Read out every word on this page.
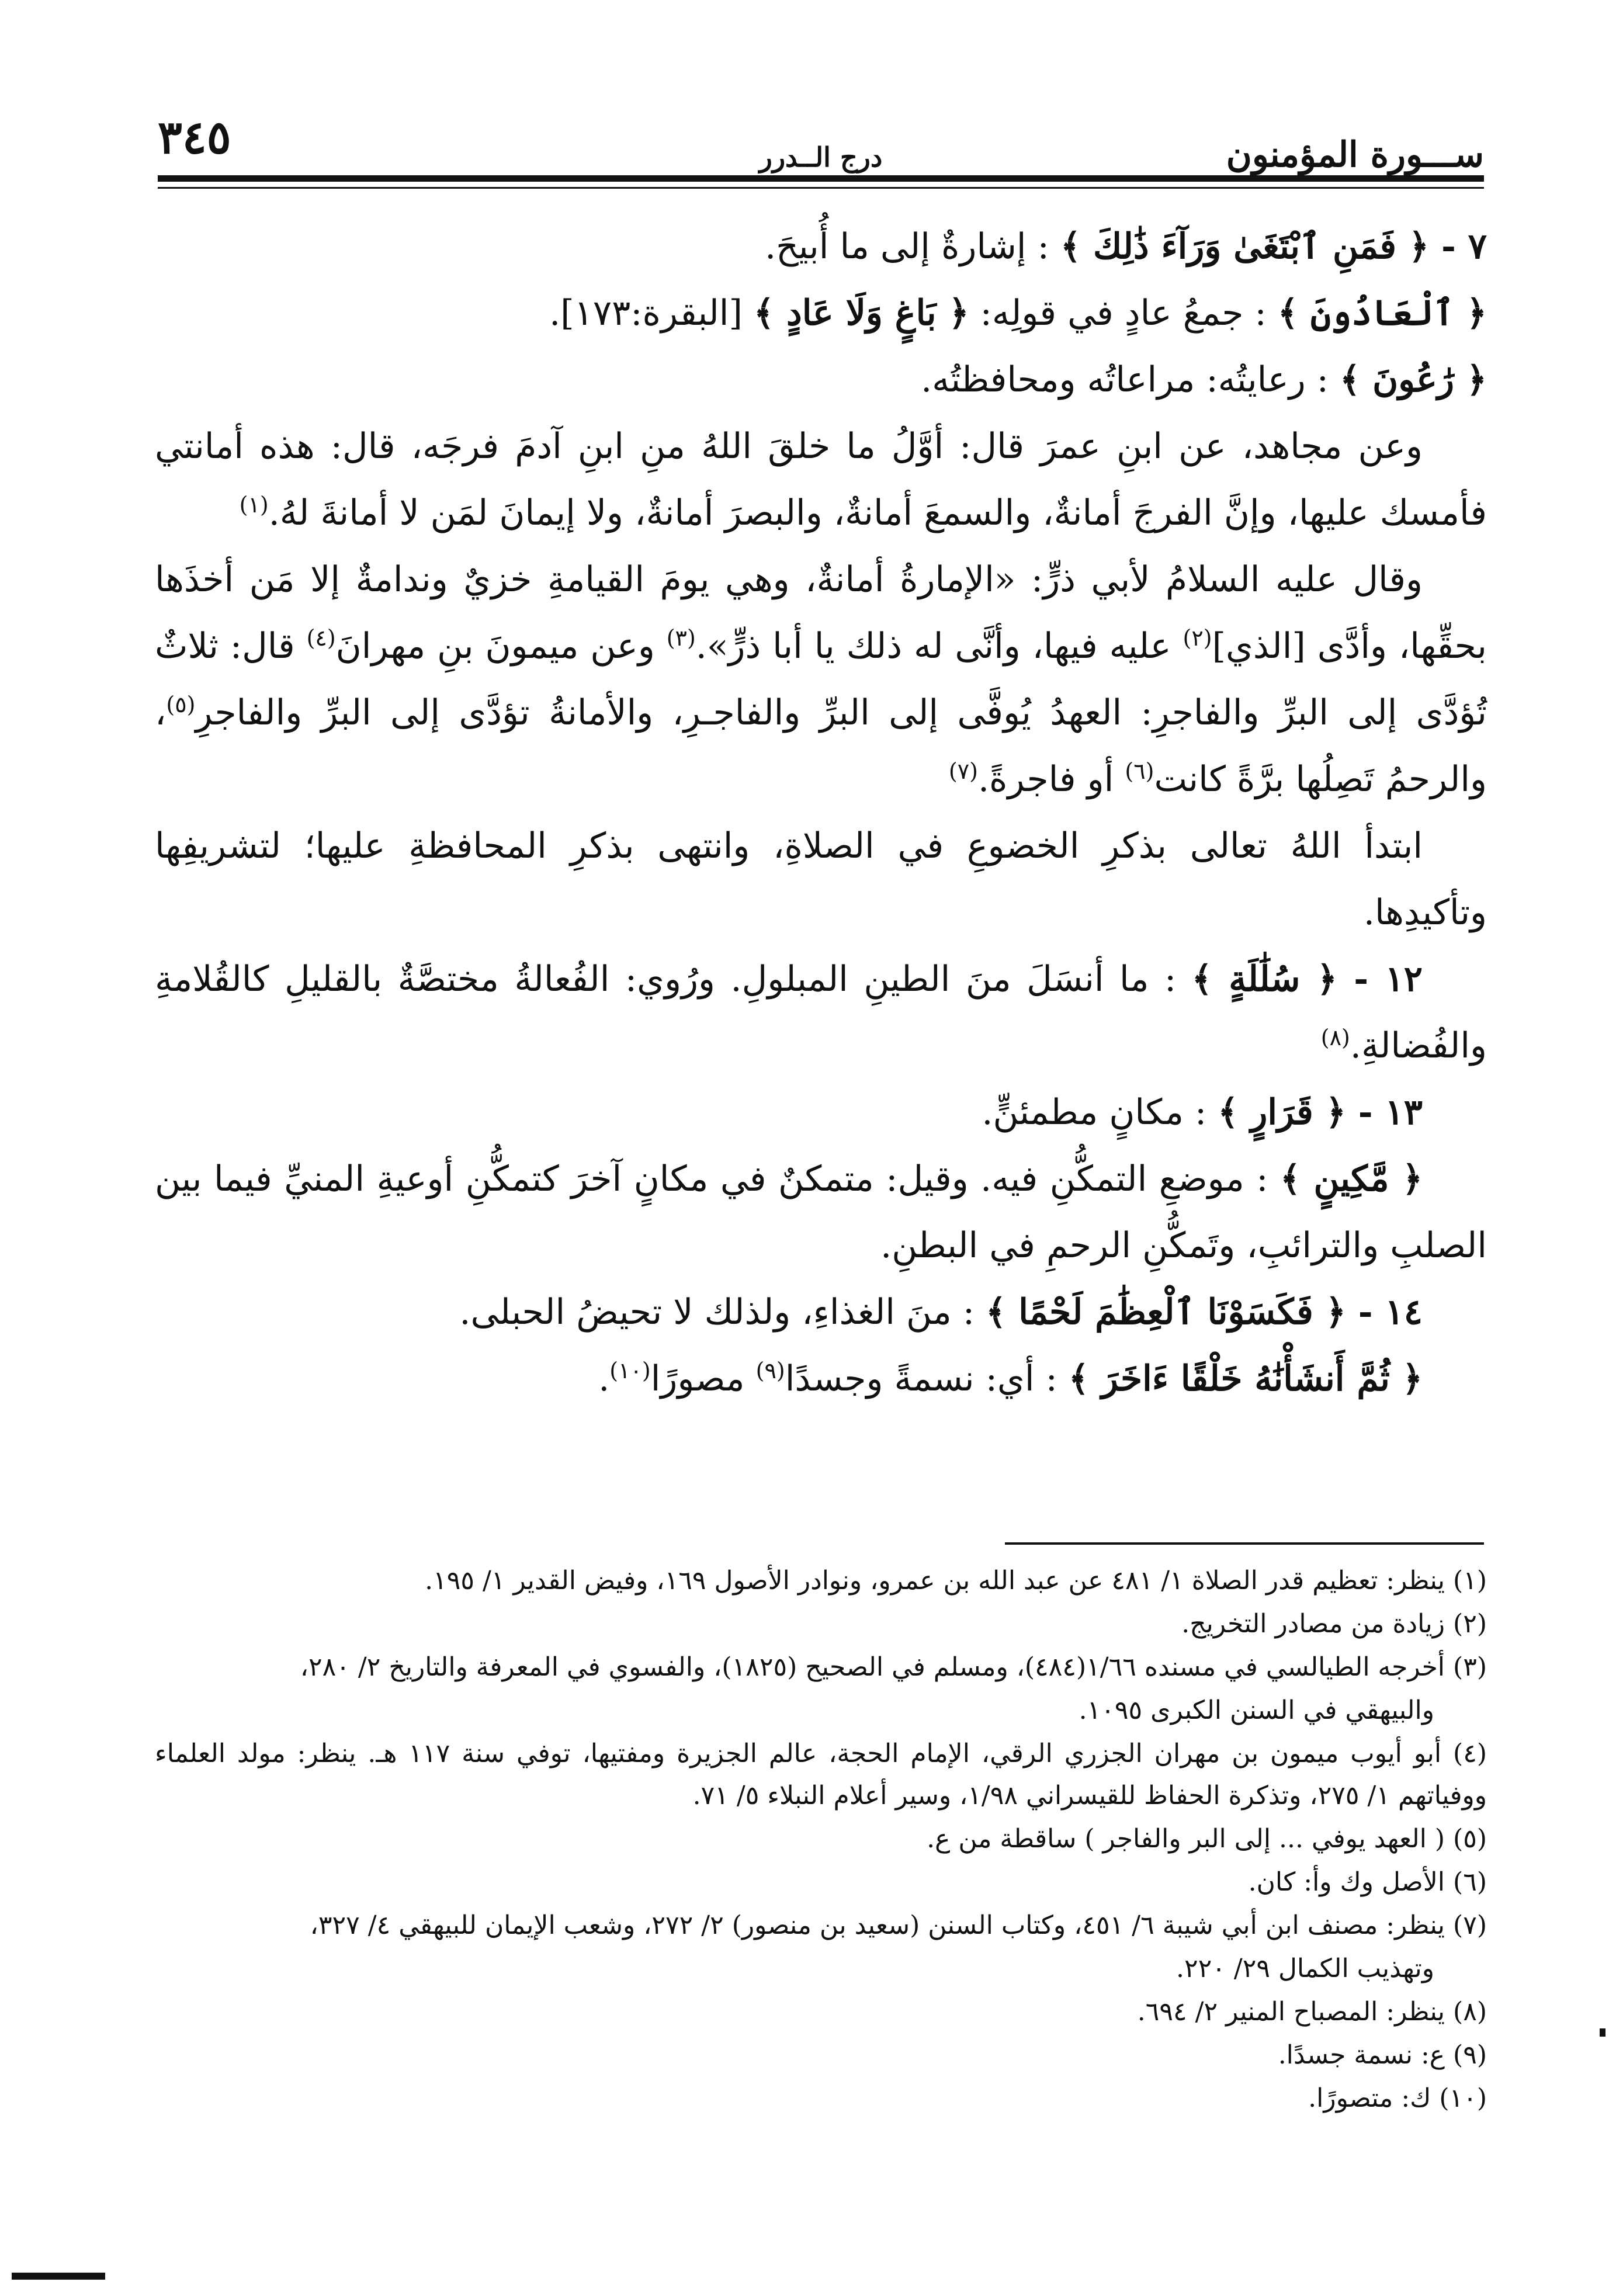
٣٤٥	درج الــدرر	ســـورة المؤمنون

٧ - ﴿ فَمَنِ ٱبْتَغَىٰ وَرَآءَ ذَٰلِكَ ﴾ : إشارةٌ إلى ما أُبيحَ.

﴿ ٱلْعَادُونَ ﴾ : جمعُ عادٍ في قولِه: ﴿ بَاغٍ وَلَا عَادٍ ﴾ [البقرة:١٧٣].

﴿ رَٰعُونَ ﴾ : رعايتُه: مراعاتُه ومحافظتُه.

وعن مجاهد، عن ابنِ عمرَ قال: أوَّلُ ما خلقَ اللهُ منِ ابنِ آدمَ فرجَه، قال: هذه أمانتي فأمسك عليها، وإنَّ الفرجَ أمانةٌ، والسمعَ أمانةٌ، والبصرَ أمانةٌ، ولا إيمانَ لمَن لا أمانةَ لهُ.$^{(١)}$

وقال عليه السلامُ لأبي ذرٍّ: «الإمارةُ أمانةٌ، وهي يومَ القيامةِ خزيٌ وندامةٌ إلا مَن أخذَها بحقِّها، وأدَّى [الذي]$^{(٢)}$ عليه فيها، وأنَّى له ذلك يا أبا ذرٍّ».$^{(٣)}$ وعن ميمونَ بنِ مهرانَ$^{(٤)}$ قال: ثلاثٌ تُؤدَّى إلى البرِّ والفاجرِ: العهدُ يُوفَّى إلى البرِّ والفاجـرِ، والأمانةُ تؤدَّى إلى البرِّ والفاجرِ$^{(٥)}$، والرحمُ تَصِلُها برَّةً كانت$^{(٦)}$ أو فاجرةً.$^{(٧)}$

ابتدأ اللهُ تعالى بذكرِ الخضوعِ في الصلاةِ، وانتهى بذكرِ المحافظةِ عليها؛ لتشريفِها وتأكيدِها.

١٢ - ﴿ سُلَٰلَةٍ ﴾ : ما أنسَلَ منَ الطينِ المبلولِ. ورُوي: الفُعالةُ مختصَّةٌ بالقليلِ كالقُلامةِ والفُضالةِ.$^{(٨)}$

١٣ - ﴿ قَرَارٍ ﴾ : مكانٍ مطمئنٍّ.

﴿ مَّكِينٍ ﴾ : موضعِ التمكُّنِ فيه. وقيل: متمكنٌ في مكانٍ آخرَ كتمكُّنِ أوعيةِ المنيِّ فيما بين الصلبِ والترائبِ، وتَمكُّنِ الرحمِ في البطنِ.

١٤ - ﴿ فَكَسَوْنَا ٱلْعِظَٰمَ لَحْمًا ﴾ : منَ الغذاءِ، ولذلك لا تحيضُ الحبلى.

﴿ ثُمَّ أَنشَأْنَٰهُ خَلْقًا ءَاخَرَ ﴾ : أي: نسمةً وجسدًا$^{(٩)}$ مصورًا$^{(١٠)}$.

(١) ينظر: تعظيم قدر الصلاة ١/ ٤٨١ عن عبد الله بن عمرو، ونوادر الأصول ١٦٩، وفيض القدير ١/ ١٩٥.

(٢) زيادة من مصادر التخريج.

(٣) أخرجه الطيالسي في مسنده ١/٦٦(٤٨٤)، ومسلم في الصحيح (١٨٢٥)، والفسوي في المعرفة والتاريخ ٢/ ٢٨٠،

والبيهقي في السنن الكبرى ١٠٩٥.

(٤) أبو أيوب ميمون بن مهران الجزري الرقي، الإمام الحجة، عالم الجزيرة ومفتيها، توفي سنة ١١٧ هـ. ينظر: مولد العلماء ووفياتهم ١/ ٢٧٥، وتذكرة الحفاظ للقيسراني ١/٩٨، وسير أعلام النبلاء ٥/ ٧١.

(٥) ( العهد يوفي ... إلى البر والفاجر ) ساقطة من ع.

(٦) الأصل وك وأ: كان.

(٧) ينظر: مصنف ابن أبي شيبة ٦/ ٤٥١، وكتاب السنن (سعيد بن منصور) ٢/ ٢٧٢، وشعب الإيمان للبيهقي ٤/ ٣٢٧،

وتهذيب الكمال ٢٩/ ٢٢٠.

(٨) ينظر: المصباح المنير ٢/ ٦٩٤.

(٩) ع: نسمة جسدًا.

(١٠) ك: متصورًا.
